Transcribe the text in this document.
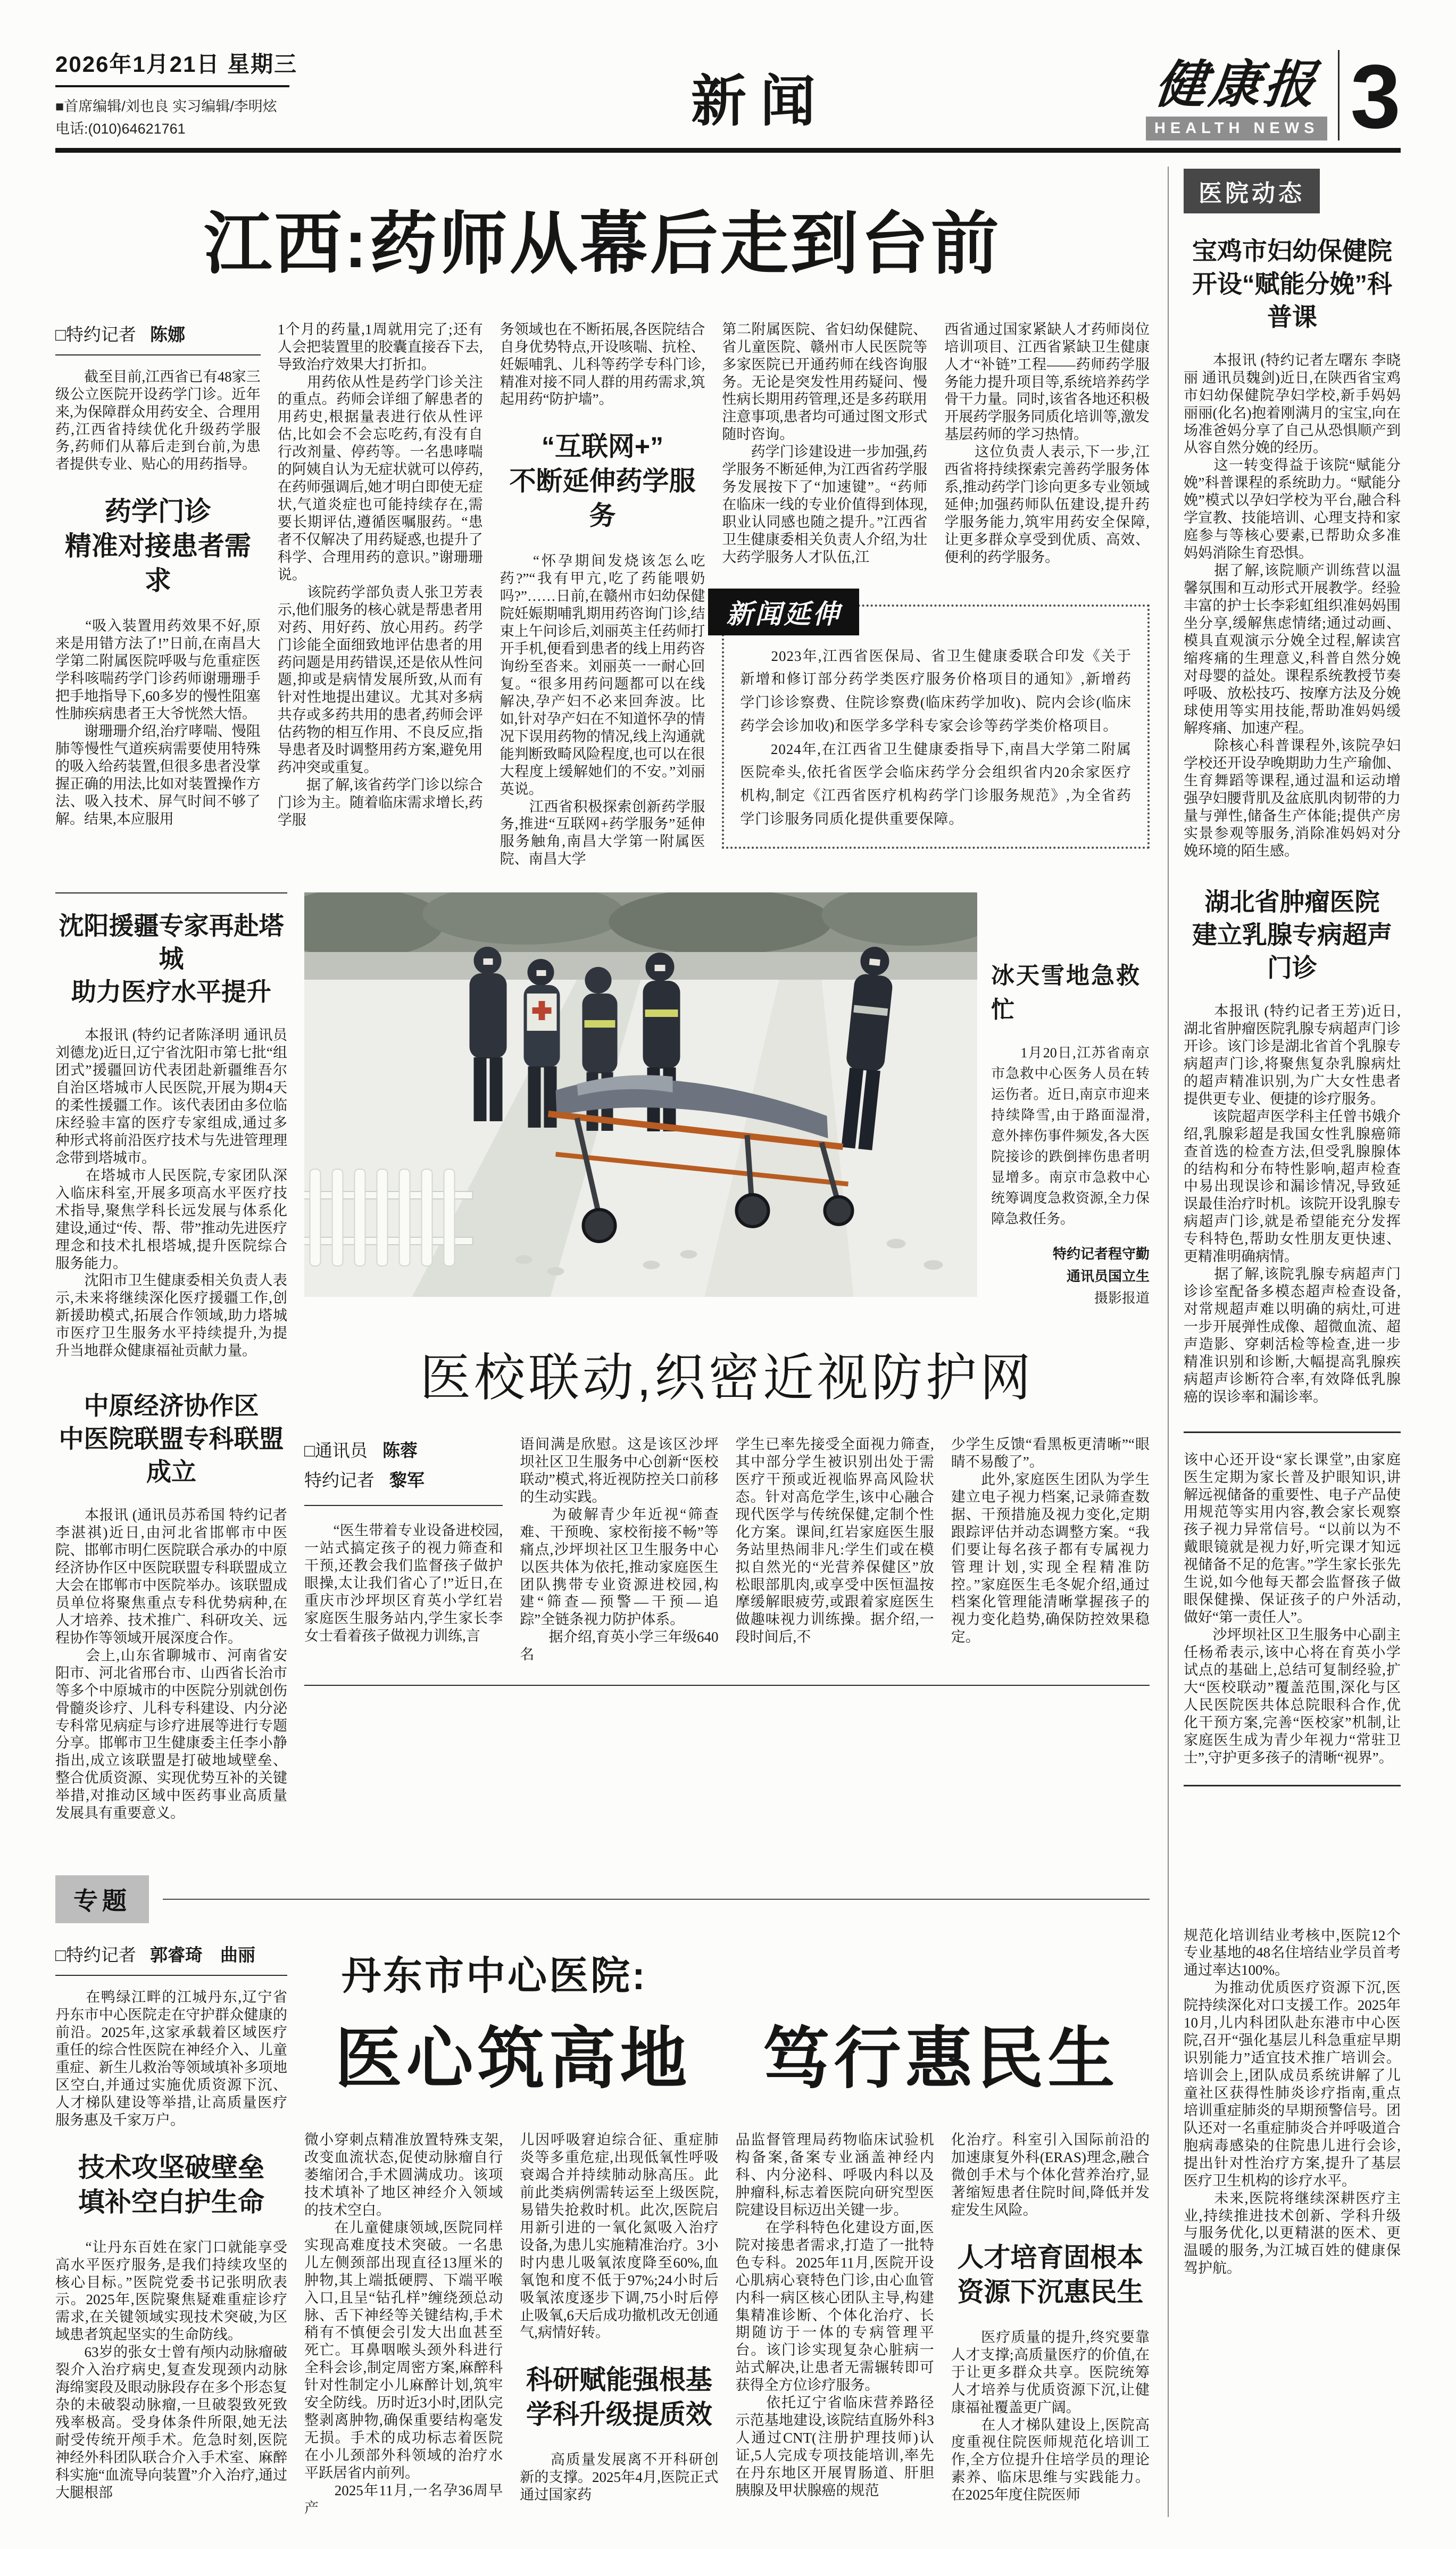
2026年1月21日 星期三
■首席编辑/刘也良 实习编辑/李明炫
电话:(010)64621761	新闻	健康报
HEALTH NEWS 3
江西:药师从幕后走到台前
□特约记者 陈娜

　　截至目前,江西省已有48家三级公立医院开设药学门诊。近年来,为保障群众用药安全、合理用药,江西省持续优化升级药学服务,药师们从幕后走到台前,为患者提供专业、贴心的用药指导。

药学门诊
精准对接患者需求

　　“吸入装置用药效果不好,原来是用错方法了!”日前,在南昌大学第二附属医院呼吸与危重症医学科咳喘药学门诊药师谢珊珊手把手地指导下,60多岁的慢性阻塞性肺疾病患者王大爷恍然大悟。

　　谢珊珊介绍,治疗哮喘、慢阻肺等慢性气道疾病需要使用特殊的吸入给药装置,但很多患者没掌握正确的用法,比如对装置操作方法、吸入技术、屏气时间不够了解。结果,本应服用

1个月的药量,1周就用完了;还有人会把装置里的胶囊直接吞下去,导致治疗效果大打折扣。

　　用药依从性是药学门诊关注的重点。药师会详细了解患者的用药史,根据量表进行依从性评估,比如会不会忘吃药,有没有自行改剂量、停药等。一名患哮喘的阿姨自认为无症状就可以停药,在药师强调后,她才明白即使无症状,气道炎症也可能持续存在,需要长期评估,遵循医嘱服药。“患者不仅解决了用药疑惑,也提升了科学、合理用药的意识。”谢珊珊说。

　　该院药学部负责人张卫芳表示,他们服务的核心就是帮患者用对药、用好药、放心用药。药学门诊能全面细致地评估患者的用药问题是用药错误,还是依从性问题,抑或是病情发展所致,从而有针对性地提出建议。尤其对多病共存或多药共用的患者,药师会评估药物的相互作用、不良反应,指导患者及时调整用药方案,避免用药冲突或重复。

　　据了解,该省药学门诊以综合门诊为主。随着临床需求增长,药学服

务领域也在不断拓展,各医院结合自身优势特点,开设咳喘、抗栓、妊娠哺乳、儿科等药学专科门诊,精准对接不同人群的用药需求,筑起用药“防护墙”。

“互联网+”
不断延伸药学服务

　　“怀孕期间发烧该怎么吃药?”“我有甲亢,吃了药能喂奶吗?”……日前,在赣州市妇幼保健院妊娠期哺乳期用药咨询门诊,结束上午问诊后,刘丽英主任药师打开手机,便看到患者的线上用药咨询纷至沓来。刘丽英一一耐心回复。“很多用药问题都可以在线解决,孕产妇不必来回奔波。比如,针对孕产妇在不知道怀孕的情况下误用药物的情况,线上沟通就能判断致畸风险程度,也可以在很大程度上缓解她们的不安。”刘丽英说。

　　江西省积极探索创新药学服务,推进“互联网+药学服务”延伸服务触角,南昌大学第一附属医院、南昌大学

第二附属医院、省妇幼保健院、省儿童医院、赣州市人民医院等多家医院已开通药师在线咨询服务。无论是突发性用药疑问、慢性病长期用药管理,还是多药联用注意事项,患者均可通过图文形式随时咨询。

　　药学门诊建设进一步加强,药学服务不断延伸,为江西省药学服务发展按下了“加速键”。“药师在临床一线的专业价值得到体现,职业认同感也随之提升。”江西省卫生健康委相关负责人介绍,为壮大药学服务人才队伍,江

西省通过国家紧缺人才药师岗位培训项目、江西省紧缺卫生健康人才“补链”工程——药师药学服务能力提升项目等,系统培养药学骨干力量。同时,该省各地还积极开展药学服务同质化培训等,激发基层药师的学习热情。

　　这位负责人表示,下一步,江西省将持续探索完善药学服务体系,推动药学门诊向更多专业领域延伸;加强药师队伍建设,提升药学服务能力,筑牢用药安全保障,让更多群众享受到优质、高效、便利的药学服务。

新闻延伸

　　2023年,江西省医保局、省卫生健康委联合印发《关于新增和修订部分药学类医疗服务价格项目的通知》,新增药学门诊诊察费、住院诊察费(临床药学加收)、院内会诊(临床药学会诊加收)和医学多学科专家会诊等药学类价格项目。

　　2024年,在江西省卫生健康委指导下,南昌大学第二附属医院牵头,依托省医学会临床药学分会组织省内20余家医疗机构,制定《江西省医疗机构药学门诊服务规范》,为全省药学门诊服务同质化提供重要保障。

沈阳援疆专家再赴塔城
助力医疗水平提升

　　本报讯 (特约记者陈泽明 通讯员刘德龙)近日,辽宁省沈阳市第七批“组团式”援疆回访代表团赴新疆维吾尔自治区塔城市人民医院,开展为期4天的柔性援疆工作。该代表团由多位临床经验丰富的医疗专家组成,通过多种形式将前沿医疗技术与先进管理理念带到塔城市。

　　在塔城市人民医院,专家团队深入临床科室,开展多项高水平医疗技术指导,聚焦学科长远发展与体系化建设,通过“传、帮、带”推动先进医疗理念和技术扎根塔城,提升医院综合服务能力。

　　沈阳市卫生健康委相关负责人表示,未来将继续深化医疗援疆工作,创新援助模式,拓展合作领域,助力塔城市医疗卫生服务水平持续提升,为提升当地群众健康福祉贡献力量。

中原经济协作区
中医院联盟专科联盟成立

　　本报讯 (通讯员苏希国 特约记者李湛祺)近日,由河北省邯郸市中医院、邯郸市明仁医院联合承办的中原经济协作区中医院联盟专科联盟成立大会在邯郸市中医院举办。该联盟成员单位将聚焦重点专科优势病种,在人才培养、技术推广、科研攻关、远程协作等领域开展深度合作。

　　会上,山东省聊城市、河南省安阳市、河北省邢台市、山西省长治市等多个中原城市的中医院分别就创伤骨髓炎诊疗、儿科专科建设、内分泌专科常见病症与诊疗进展等进行专题分享。邯郸市卫生健康委主任李小静指出,成立该联盟是打破地域壁垒、整合优质资源、实现优势互补的关键举措,对推动区域中医药事业高质量发展具有重要意义。

冰天雪地急救忙

　　1月20日,江苏省南京市急救中心医务人员在转运伤者。近日,南京市迎来持续降雪,由于路面湿滑,意外摔伤事件频发,各大医院接诊的跌倒摔伤患者明显增多。南京市急救中心统筹调度急救资源,全力保障急救任务。

特约记者程守勤
通讯员国立生
摄影报道
医校联动,织密近视防护网
□通讯员 陈蓉
特约记者 黎军

　　“医生带着专业设备进校园,一站式搞定孩子的视力筛查和干预,还教会我们监督孩子做护眼操,太让我们省心了!”近日,在重庆市沙坪坝区育英小学红岩家庭医生服务站内,学生家长李女士看着孩子做视力训练,言

语间满是欣慰。这是该区沙坪坝社区卫生服务中心创新“医校联动”模式,将近视防控关口前移的生动实践。

　　为破解青少年近视“筛查难、干预晚、家校衔接不畅”等痛点,沙坪坝社区卫生服务中心以医共体为依托,推动家庭医生团队携带专业资源进校园,构建“筛查—预警—干预—追踪”全链条视力防护体系。

　　据介绍,育英小学三年级640名

学生已率先接受全面视力筛查,其中部分学生被识别出处于需医疗干预或近视临界高风险状态。针对高危学生,该中心融合现代医学与传统保健,定制个性化方案。课间,红岩家庭医生服务站里热闹非凡:学生们或在模拟自然光的“光营养保健区”放松眼部肌肉,或享受中医恒温按摩缓解眼疲劳,或跟着家庭医生做趣味视力训练操。据介绍,一段时间后,不

少学生反馈“看黑板更清晰”“眼睛不易酸了”。

　　此外,家庭医生团队为学生建立电子视力档案,记录筛查数据、干预措施及视力变化,定期跟踪评估并动态调整方案。“我们要让每名孩子都有专属视力管理计划,实现全程精准防控。”家庭医生毛冬妮介绍,通过档案化管理能清晰掌握孩子的视力变化趋势,确保防控效果稳定。

专题
□特约记者 郭睿琦　曲丽

　　在鸭绿江畔的江城丹东,辽宁省丹东市中心医院走在守护群众健康的前沿。2025年,这家承载着区域医疗重任的综合性医院在神经介入、儿童重症、新生儿救治等领域填补多项地区空白,并通过实施优质资源下沉、人才梯队建设等举措,让高质量医疗服务惠及千家万户。

技术攻坚破壁垒
填补空白护生命

　　“让丹东百姓在家门口就能享受高水平医疗服务,是我们持续攻坚的核心目标。”医院党委书记张明欣表示。2025年,医院聚焦疑难重症诊疗需求,在关键领域实现技术突破,为区域患者筑起坚实的生命防线。

　　63岁的张女士曾有颅内动脉瘤破裂介入治疗病史,复查发现颈内动脉海绵窦段及眼动脉段存在多个形态复杂的未破裂动脉瘤,一旦破裂致死致残率极高。受身体条件所限,她无法耐受传统开颅手术。危急时刻,医院神经外科团队联合介入手术室、麻醉科实施“血流导向装置”介入治疗,通过大腿根部

丹东市中心医院:
医心筑高地　笃行惠民生

微小穿刺点精准放置特殊支架,改变血流状态,促使动脉瘤自行萎缩闭合,手术圆满成功。该项技术填补了地区神经介入领域的技术空白。

　　在儿童健康领域,医院同样实现高难度技术突破。一名患儿左侧颈部出现直径13厘米的肿物,其上端抵硬腭、下端平喉入口,且呈“钻孔样”缠绕颈总动脉、舌下神经等关键结构,手术稍有不慎便会引发大出血甚至死亡。耳鼻咽喉头颈外科进行全科会诊,制定周密方案,麻醉科针对性制定小儿麻醉计划,筑牢安全防线。历时近3小时,团队完整剥离肿物,确保重要结构毫发无损。手术的成功标志着医院在小儿颈部外科领域的治疗水平跃居省内前列。

　　2025年11月,一名孕36周早产

儿因呼吸窘迫综合征、重症肺炎等多重危症,出现低氧性呼吸衰竭合并持续肺动脉高压。此前此类病例需转运至上级医院,易错失抢救时机。此次,医院启用新引进的一氧化氮吸入治疗设备,为患儿实施精准治疗。3小时内患儿吸氧浓度降至60%,血氧饱和度不低于97%;24小时后吸氧浓度逐步下调,75小时后停止吸氧,6天后成功撤机改无创通气,病情好转。

科研赋能强根基
学科升级提质效

　　高质量发展离不开科研创新的支撑。2025年4月,医院正式通过国家药

品监督管理局药物临床试验机构备案,备案专业涵盖神经内科、内分泌科、呼吸内科以及肿瘤科,标志着医院向研究型医院建设目标迈出关键一步。

　　在学科特色化建设方面,医院对接患者需求,打造了一批特色专科。2025年11月,医院开设心肌病心衰特色门诊,由心血管内科一病区核心团队主导,构建集精准诊断、个体化治疗、长期随访于一体的专病管理平台。该门诊实现复杂心脏病一站式解决,让患者无需辗转即可获得全方位诊疗服务。

　　依托辽宁省临床营养路径示范基地建设,该院结直肠外科3人通过CNT(注册护理技师)认证,5人完成专项技能培训,率先在丹东地区开展胃肠道、肝胆胰腺及甲状腺癌的规范

化治疗。科室引入国际前沿的加速康复外科(ERAS)理念,融合微创手术与个体化营养治疗,显著缩短患者住院时间,降低并发症发生风险。

人才培育固根本
资源下沉惠民生

　　医疗质量的提升,终究要靠人才支撑;高质量医疗的价值,在于让更多群众共享。医院统筹人才培养与优质资源下沉,让健康福祉覆盖更广阔。

　　在人才梯队建设上,医院高度重视住院医师规范化培训工作,全方位提升住培学员的理论素养、临床思维与实践能力。在2025年度住院医师

医院动态
宝鸡市妇幼保健院
开设“赋能分娩”科普课

　　本报讯 (特约记者左曙东 李晓丽 通讯员魏剑)近日,在陕西省宝鸡市妇幼保健院孕妇学校,新手妈妈丽丽(化名)抱着刚满月的宝宝,向在场准爸妈分享了自己从恐惧顺产到从容自然分娩的经历。

　　这一转变得益于该院“赋能分娩”科普课程的系统助力。“赋能分娩”模式以孕妇学校为平台,融合科学宣教、技能培训、心理支持和家庭参与等核心要素,已帮助众多准妈妈消除生育恐惧。

　　据了解,该院顺产训练营以温馨氛围和互动形式开展教学。经验丰富的护士长李彩虹组织准妈妈围坐分享,缓解焦虑情绪;通过动画、模具直观演示分娩全过程,解读宫缩疼痛的生理意义,科普自然分娩对母婴的益处。课程系统教授节奏呼吸、放松技巧、按摩方法及分娩球使用等实用技能,帮助准妈妈缓解疼痛、加速产程。

　　除核心科普课程外,该院孕妇学校还开设孕晚期助力生产瑜伽、生育舞蹈等课程,通过温和运动增强孕妇腰背肌及盆底肌肉韧带的力量与弹性,储备生产体能;提供产房实景参观等服务,消除准妈妈对分娩环境的陌生感。

湖北省肿瘤医院
建立乳腺专病超声门诊

　　本报讯 (特约记者王芳)近日,湖北省肿瘤医院乳腺专病超声门诊开诊。该门诊是湖北省首个乳腺专病超声门诊,将聚焦复杂乳腺病灶的超声精准识别,为广大女性患者提供更专业、便捷的诊疗服务。

　　该院超声医学科主任曾书娥介绍,乳腺彩超是我国女性乳腺癌筛查首选的检查方法,但受乳腺腺体的结构和分布特性影响,超声检查中易出现误诊和漏诊情况,导致延误最佳治疗时机。该院开设乳腺专病超声门诊,就是希望能充分发挥专科特色,帮助女性朋友更快速、更精准明确病情。

　　据了解,该院乳腺专病超声门诊诊室配备多模态超声检查设备,对常规超声难以明确的病灶,可进一步开展弹性成像、超微血流、超声造影、穿刺活检等检查,进一步精准识别和诊断,大幅提高乳腺疾病超声诊断符合率,有效降低乳腺癌的误诊率和漏诊率。

该中心还开设“家长课堂”,由家庭医生定期为家长普及护眼知识,讲解远视储备的重要性、电子产品使用规范等实用内容,教会家长观察孩子视力异常信号。“以前以为不戴眼镜就是视力好,听完课才知远视储备不足的危害。”学生家长张先生说,如今他每天都会监督孩子做眼保健操、保证孩子的户外活动,做好“第一责任人”。

　　沙坪坝社区卫生服务中心副主任杨希表示,该中心将在育英小学试点的基础上,总结可复制经验,扩大“医校联动”覆盖范围,深化与区人民医院医共体总院眼科合作,优化干预方案,完善“医校家”机制,让家庭医生成为青少年视力“常驻卫士”,守护更多孩子的清晰“视界”。

规范化培训结业考核中,医院12个专业基地的48名住培结业学员首考通过率达100%。

　　为推动优质医疗资源下沉,医院持续深化对口支援工作。2025年10月,儿内科团队赴东港市中心医院,召开“强化基层儿科急重症早期识别能力”适宜技术推广培训会。培训会上,团队成员系统讲解了儿童社区获得性肺炎诊疗指南,重点培训重症肺炎的早期预警信号。团队还对一名重症肺炎合并呼吸道合胞病毒感染的住院患儿进行会诊,提出针对性治疗方案,提升了基层医疗卫生机构的诊疗水平。

　　未来,医院将继续深耕医疗主业,持续推进技术创新、学科升级与服务优化,以更精湛的医术、更温暖的服务,为江城百姓的健康保驾护航。
